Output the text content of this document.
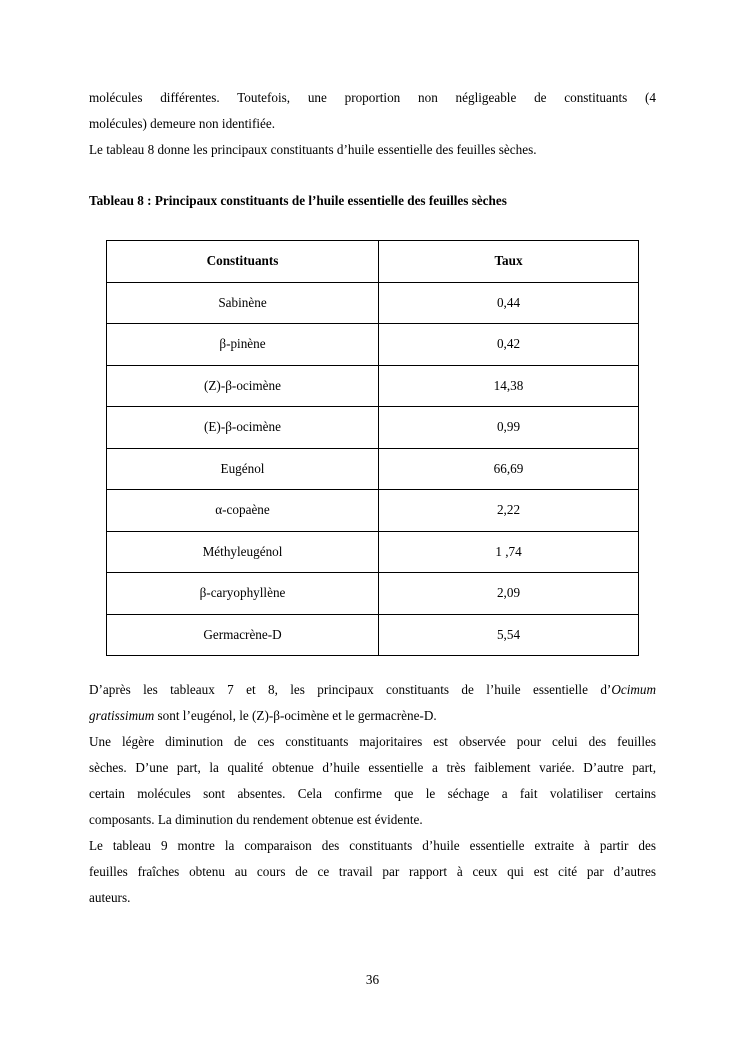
molécules différentes. Toutefois, une proportion non négligeable de constituants (4

molécules) demeure non identifiée.

Le tableau 8 donne les principaux constituants d’huile essentielle des feuilles sèches.

Tableau 8 : Principaux constituants de l’huile essentielle des feuilles sèches
Constituants	Taux
Sabinène	0,44
β-pinène	0,42
(Z)-β-ocimène	14,38
(E)-β-ocimène	0,99
Eugénol	66,69
α-copaène	2,22
Méthyleugénol	1 ,74
β-caryophyllène	2,09
Germacrène-D	5,54

D’après les tableaux 7 et 8, les principaux constituants de l’huile essentielle d’Ocimum

gratissimum sont l’eugénol, le (Z)-β-ocimène et le germacrène-D.

Une légère diminution de ces constituants majoritaires est observée pour celui des feuilles

sèches. D’une part, la qualité obtenue d’huile essentielle a très faiblement variée. D’autre part,

certain molécules sont absentes. Cela confirme que le séchage a fait volatiliser certains

composants. La diminution du rendement obtenue est évidente.

Le tableau 9 montre la comparaison des constituants d’huile essentielle extraite à partir des

feuilles fraîches obtenu au cours de ce travail par rapport à ceux qui est cité par d’autres

auteurs.

36
